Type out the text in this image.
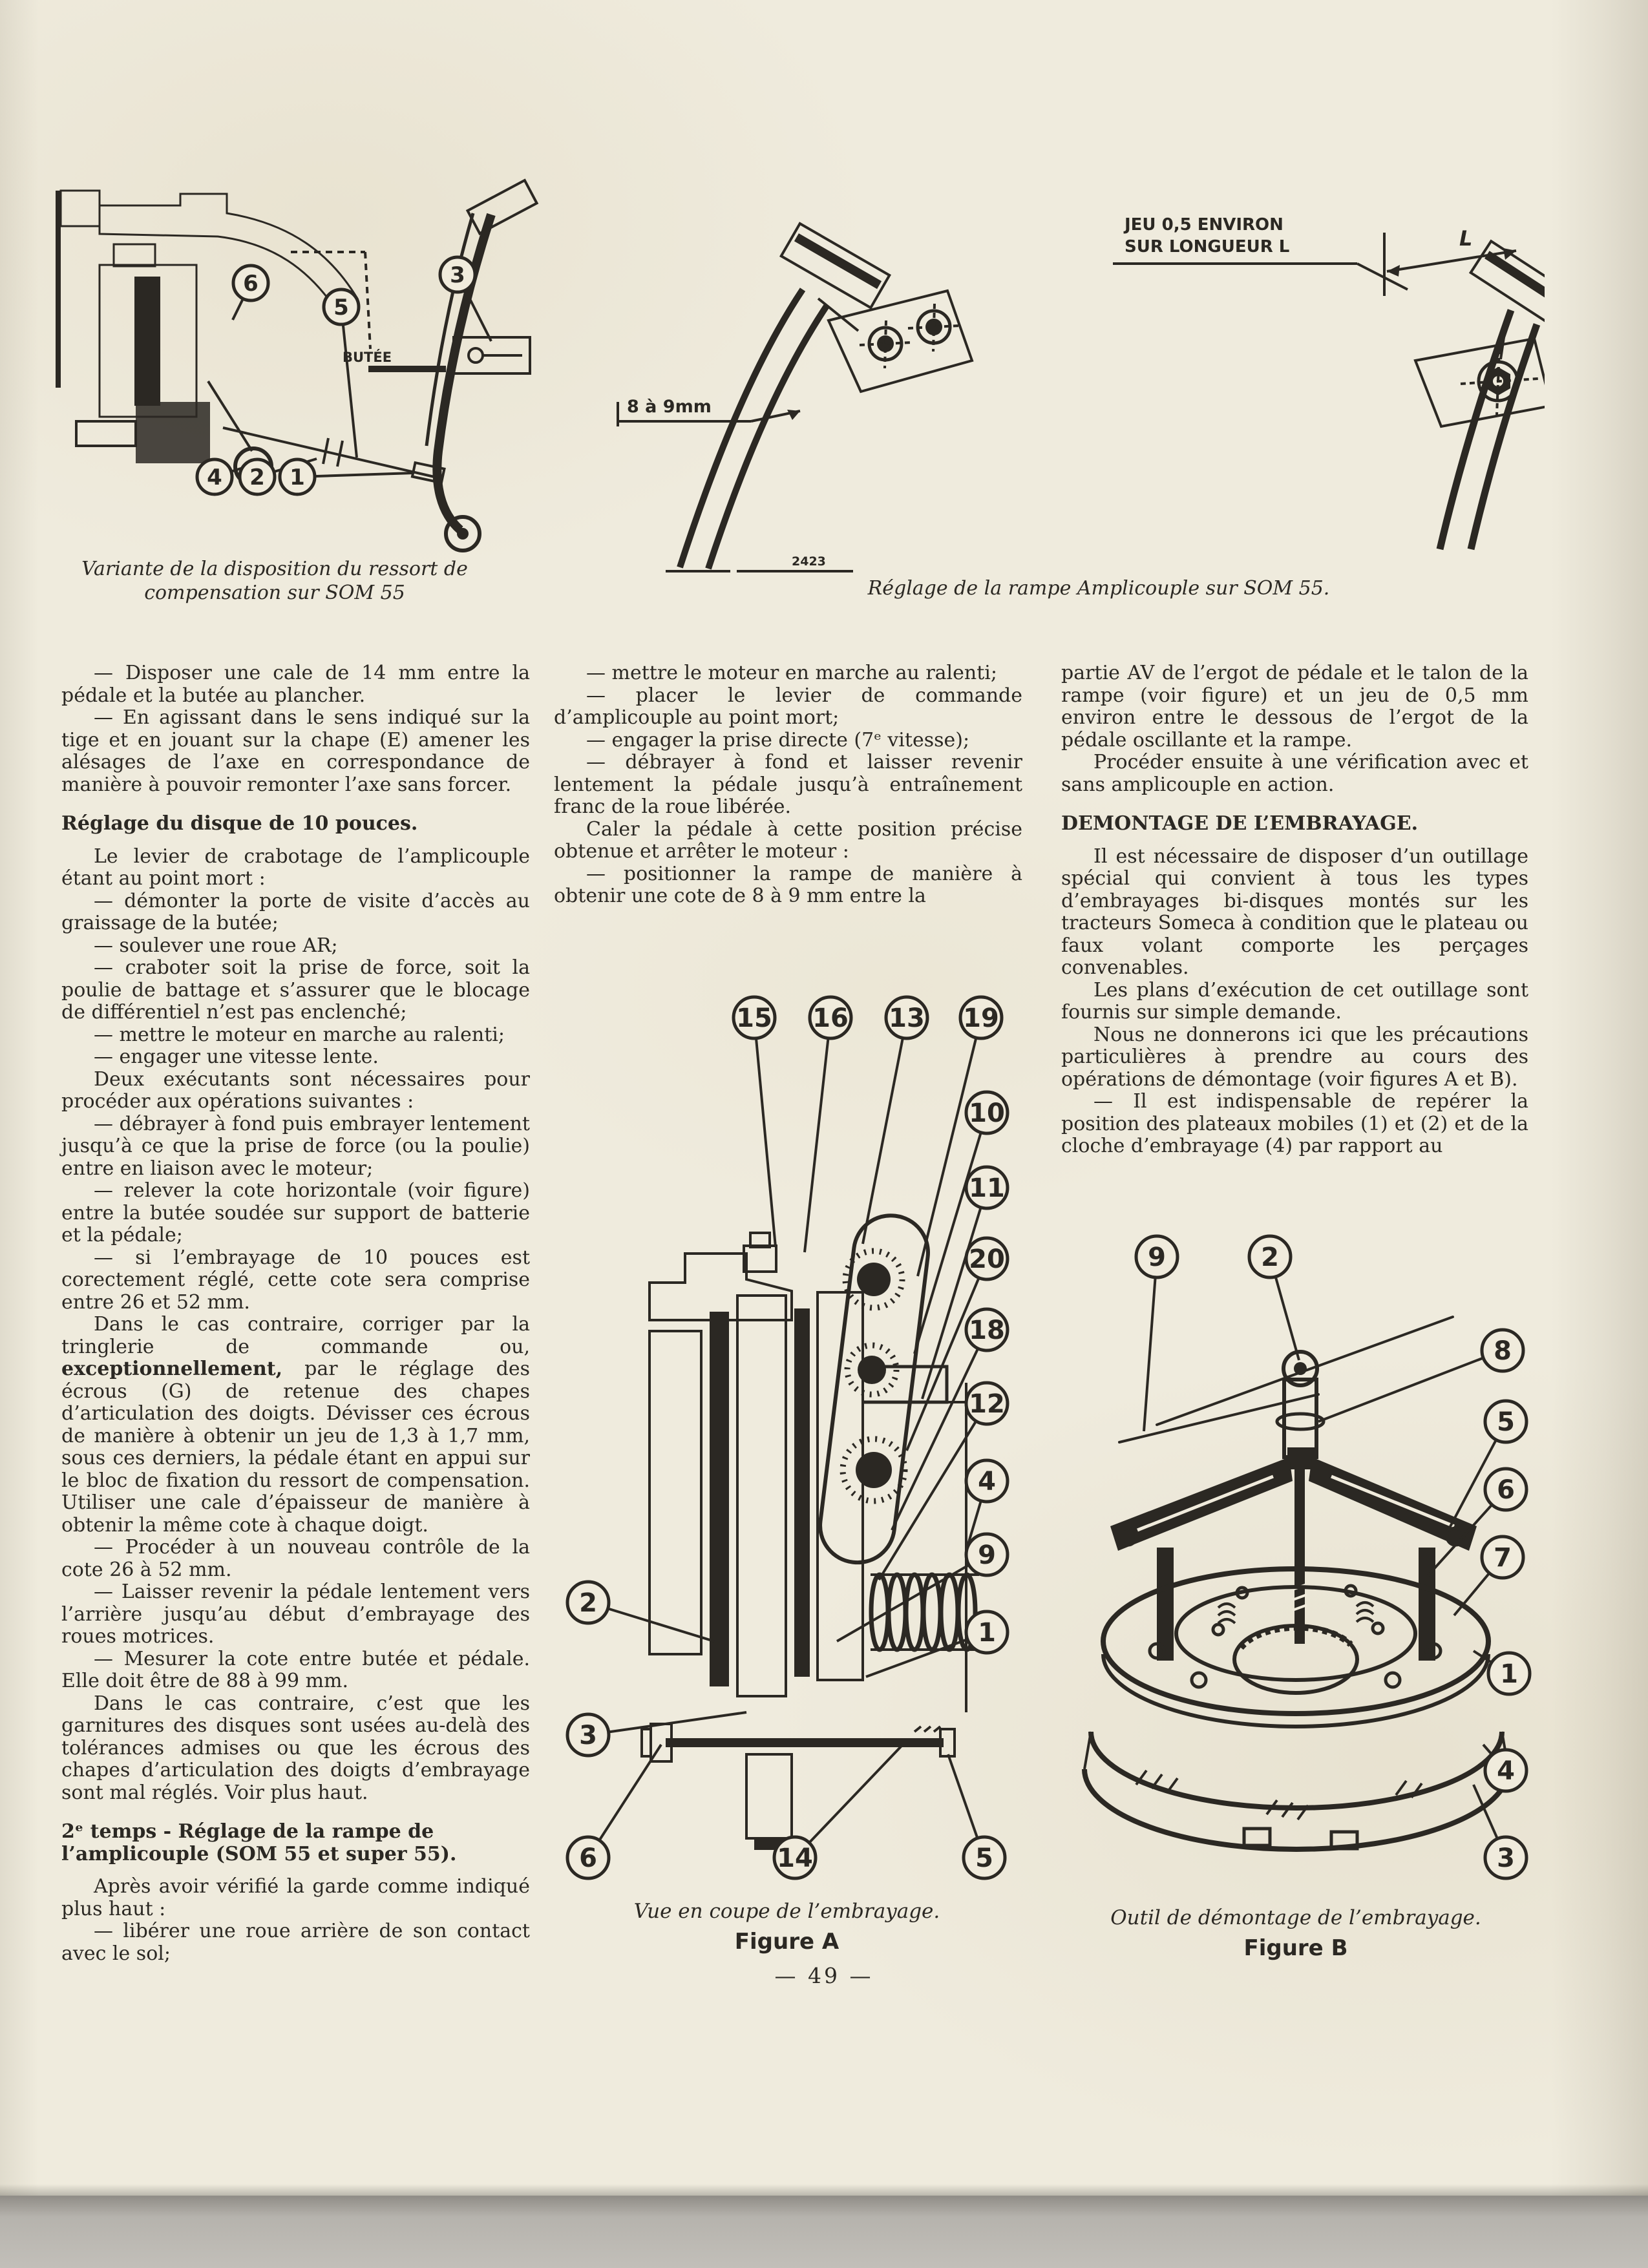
BUTÉE
6	3
5
4 2 1
Variante de la disposition du ressort de
compensation sur SOM 55
8 à 9mm
2423
JEU 0,5 ENVIRON
SUR LONGUEUR L	L
Réglage de la rampe Amplicouple sur SOM 55.

— Disposer une cale de 14 mm entre la pédale et la butée au plancher.

— En agissant dans le sens indiqué sur la tige et en jouant sur la chape (E) amener les alésages de l’axe en correspondance de manière à pouvoir remonter l’axe sans forcer.

Réglage du disque de 10 pouces.

Le levier de crabotage de l’amplicouple étant au point mort :

— démonter la porte de visite d’accès au graissage de la butée;

— soulever une roue AR;

— craboter soit la prise de force, soit la poulie de battage et s’assurer que le blocage de différentiel n’est pas enclenché;

— mettre le moteur en marche au ralenti;

— engager une vitesse lente.

Deux exécutants sont nécessaires pour procéder aux opérations suivantes :

— débrayer à fond puis embrayer lentement jusqu’à ce que la prise de force (ou la poulie) entre en liaison avec le moteur;

— relever la cote horizontale (voir figure) entre la butée soudée sur support de batterie et la pédale;

— si l’embrayage de 10 pouces est corectement réglé, cette cote sera comprise entre 26 et 52 mm.

Dans le cas contraire, corriger par la tringlerie de commande ou, exceptionnellement, par le réglage des écrous (G) de retenue des chapes d’articulation des doigts. Dévisser ces écrous de manière à obtenir un jeu de 1,3 à 1,7 mm, sous ces derniers, la pédale étant en appui sur le bloc de fixation du ressort de compensation. Utiliser une cale d’épaisseur de manière à obtenir la même cote à chaque doigt.

— Procéder à un nouveau contrôle de la cote 26 à 52 mm.

— Laisser revenir la pédale lentement vers l’arrière jusqu’au début d’embrayage des roues motrices.

— Mesurer la cote entre butée et pédale. Elle doit être de 88 à 99 mm.

Dans le cas contraire, c’est que les garnitures des disques sont usées au-delà des tolérances admises ou que les écrous des chapes d’articulation des doigts d’embrayage sont mal réglés. Voir plus haut.

2ᵉ temps - Réglage de la rampe de l’amplicouple (SOM 55 et super 55).

Après avoir vérifié la garde comme indiqué plus haut :

— libérer une roue arrière de son contact avec le sol;

— mettre le moteur en marche au ralenti;

— placer le levier de commande d’amplicouple au point mort;

— engager la prise directe (7ᵉ vitesse);

— débrayer à fond et laisser revenir lentement la pédale jusqu’à entraînement franc de la roue libérée.

Caler la pédale à cette position précise obtenue et arrêter le moteur :

— positionner la rampe de manière à obtenir une cote de 8 à 9 mm entre la

partie AV de l’ergot de pédale et le talon de la rampe (voir figure) et un jeu de 0,5 mm environ entre le dessous de l’ergot de la pédale oscillante et la rampe.

Procéder ensuite à une vérification avec et sans amplicouple en action.

DEMONTAGE DE L’EMBRAYAGE.

Il est nécessaire de disposer d’un outillage spécial qui convient à tous les types d’embrayages bi-disques montés sur les tracteurs Someca à condition que le plateau ou faux volant comporte les perçages convenables.

Les plans d’exécution de cet outillage sont fournis sur simple demande.

Nous ne donnerons ici que les précautions particulières à prendre au cours des opérations de démontage (voir figures A et B).

— Il est indispensable de repérer la position des plateaux mobiles (1) et (2) et de la cloche d’embrayage (4) par rapport au

15 16 13 19
10
11
20
18
12
4
9
1
2
3
6	14	5
Vue en coupe de l’embrayage.
Figure A
9	2
8
5
6
7
1
4
3
Outil de démontage de l’embrayage.
Figure B
— 49 —
